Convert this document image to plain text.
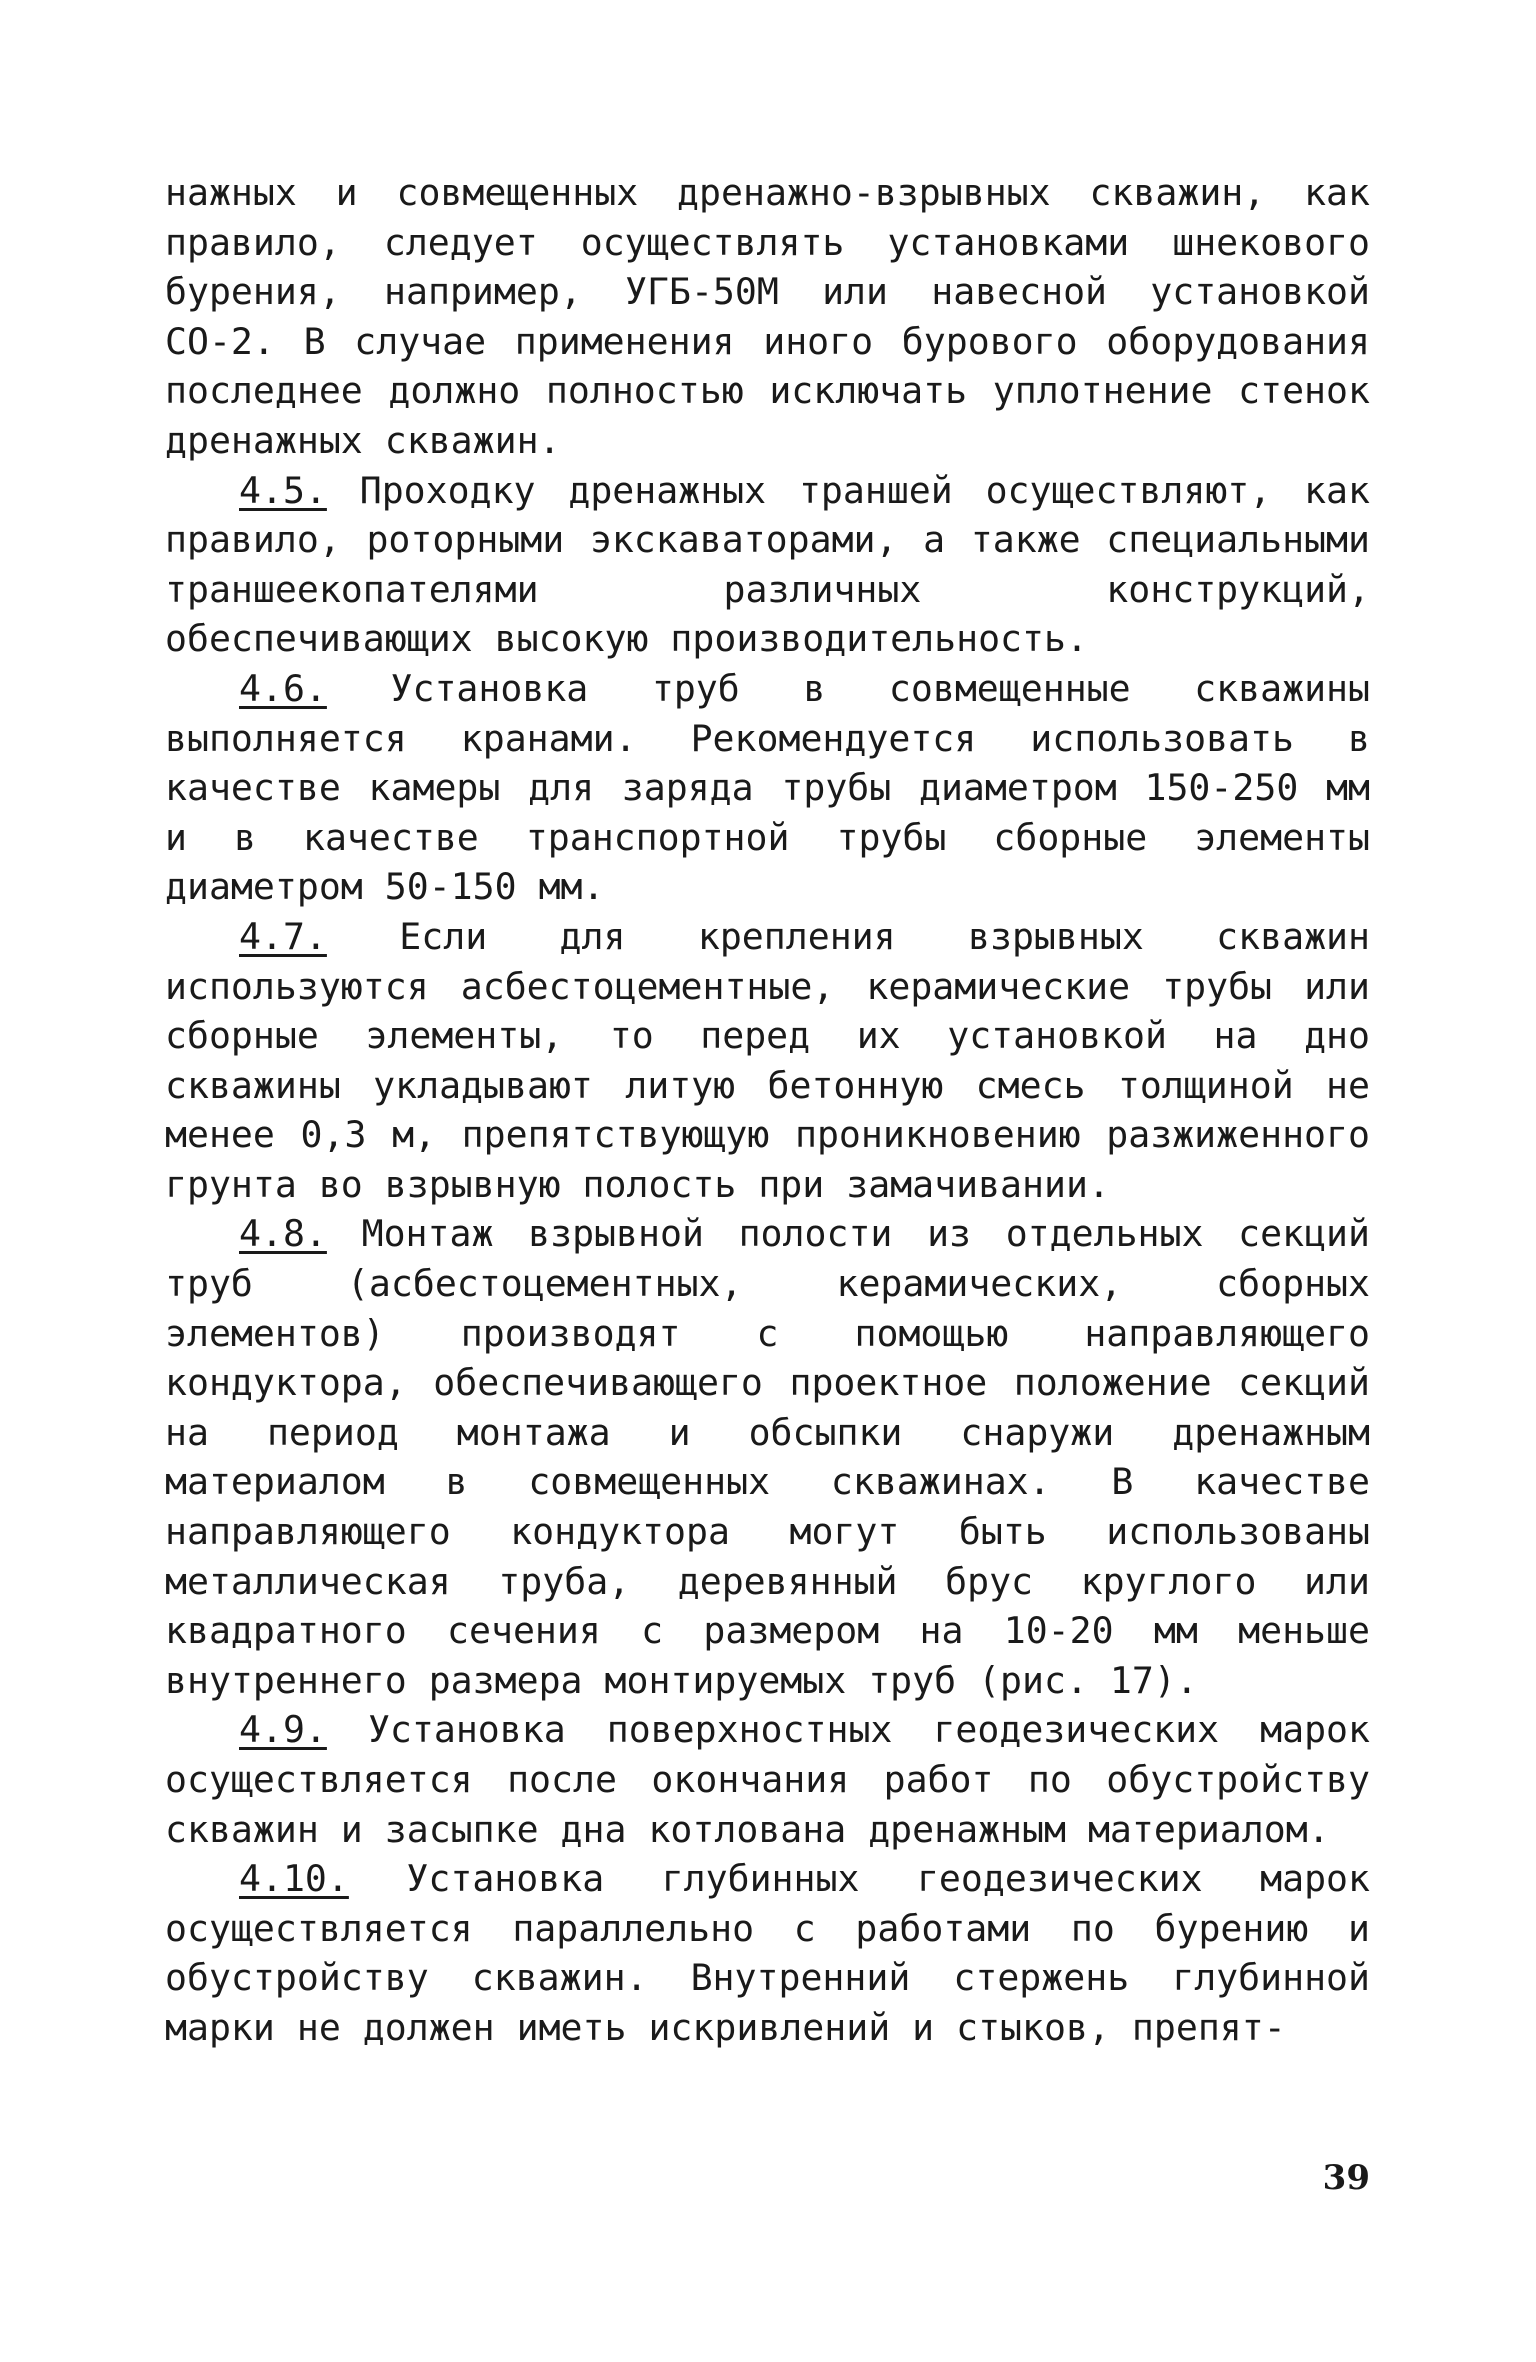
нажных и совмещенных дренажно-взрывных скважин, как правило, следует осуществлять установками шнекового бурения, например, УГБ-50М или навесной установкой СО-2. В случае применения иного бурового оборудования последнее должно полностью исключать уплотнение стенок дренажных скважин.

4.5. Проходку дренажных траншей осуществляют, как правило, роторными экскаваторами, а также специальными траншеекопателями различных конструкций, обеспечивающих высокую производительность.

4.6. Установка труб в совмещенные скважины выполняется кранами. Рекомендуется использовать в качестве камеры для заряда трубы диаметром 150-250 мм и в качестве транспортной трубы сборные элементы диаметром 50-150 мм.

4.7. Если для крепления взрывных скважин используются асбестоцементные, керамические трубы или сборные элементы, то перед их установкой на дно скважины укладывают литую бетонную смесь толщиной не менее 0,3 м, препятствующую проникновению разжиженного грунта во взрывную полость при замачивании.

4.8. Монтаж взрывной полости из отдельных секций труб (асбестоцементных, керамических, сборных элементов) производят с помощью направляющего кондуктора, обеспечивающего проектное положение секций на период монтажа и обсыпки снаружи дренажным материалом в совмещенных скважинах. В качестве направляющего кондуктора могут быть использованы металлическая труба, деревянный брус круглого или квадратного сечения с размером на 10-20 мм меньше внутреннего размера монтируемых труб (рис. 17).

4.9. Установка поверхностных геодезических марок осуществляется после окончания работ по обустройству скважин и засыпке дна котлована дренажным материалом.

4.10. Установка глубинных геодезических марок осуществляется параллельно с работами по бурению и обустройству скважин. Внутренний стержень глубинной марки не должен иметь искривлений и стыков, препят-

39
